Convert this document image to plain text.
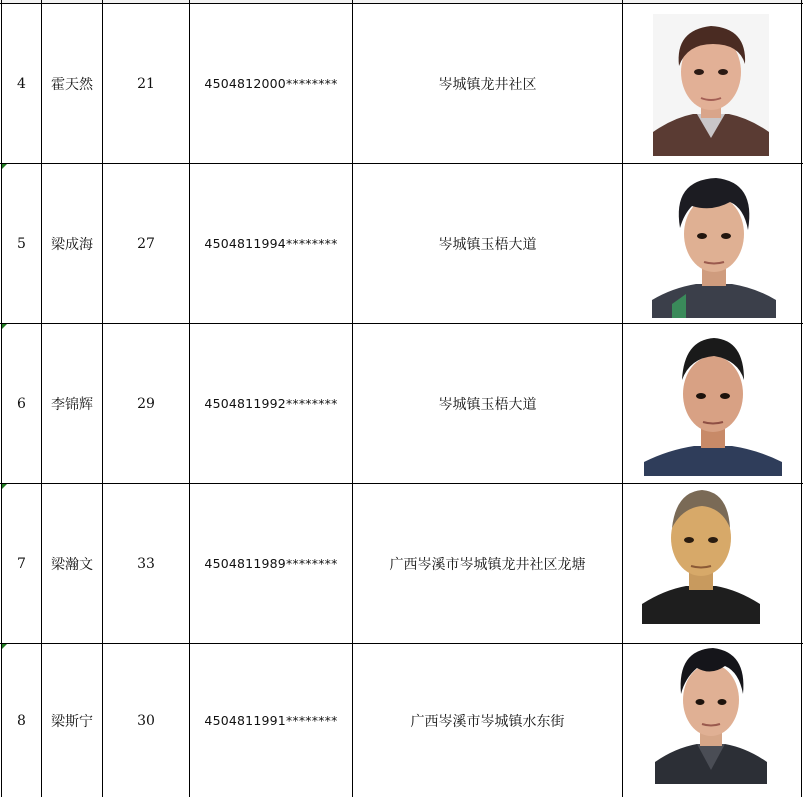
4	霍天然	21	4504812000********	岑城镇龙井社区
5	梁成海	27	4504811994********	岑城镇玉梧大道
6	李锦辉	29	4504811992********	岑城镇玉梧大道
7	梁瀚文	33	4504811989********	广西岑溪市岑城镇龙井社区龙塘
8	梁斯宁	30	4504811991********	广西岑溪市岑城镇水东街
